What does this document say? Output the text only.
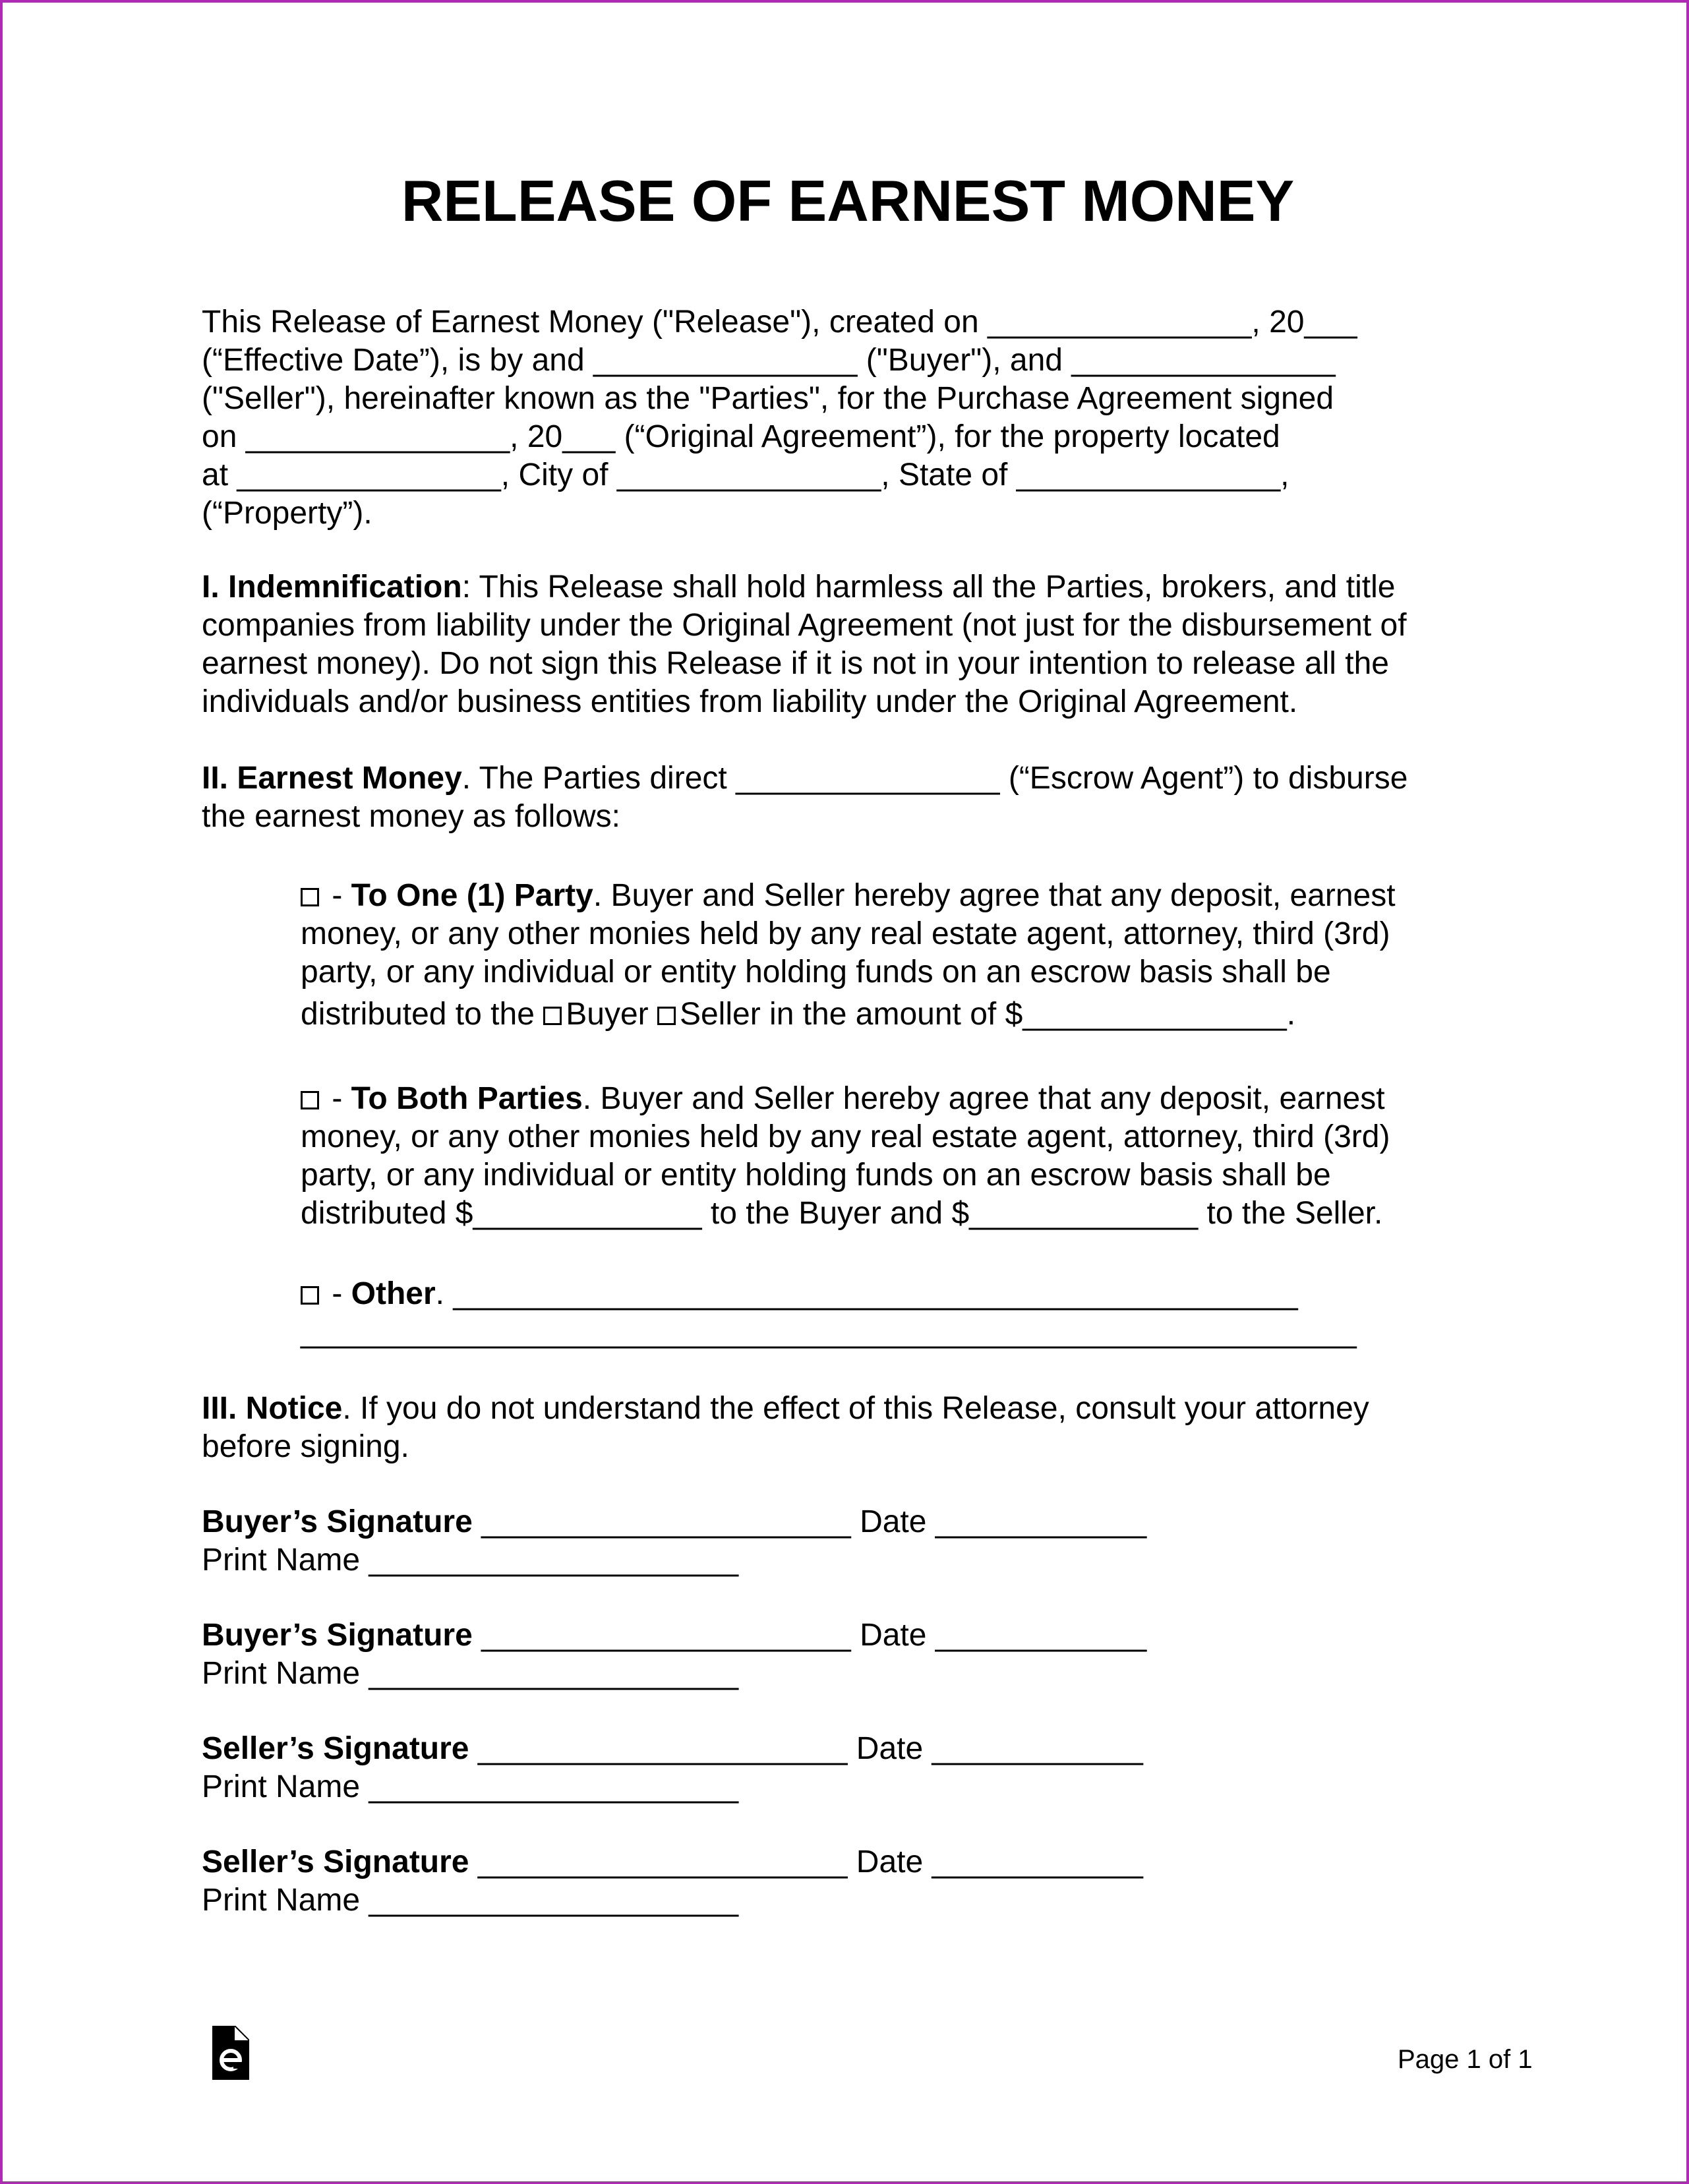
RELEASE OF EARNEST MONEY
This Release of Earnest Money ("Release"), created on _______________, 20___
(“Effective Date”), is by and _______________ ("Buyer"), and _______________
("Seller"), hereinafter known as the "Parties", for the Purchase Agreement signed
on _______________, 20___ (“Original Agreement”), for the property located
at _______________, City of _______________, State of _______________,
(“Property”).
I. Indemnification: This Release shall hold harmless all the Parties, brokers, and title
companies from liability under the Original Agreement (not just for the disbursement of
earnest money). Do not sign this Release if it is not in your intention to release all the
individuals and/or business entities from liability under the Original Agreement.
II. Earnest Money. The Parties direct _______________ (“Escrow Agent”) to disburse
the earnest money as follows:

- To One (1) Party. Buyer and Seller hereby agree that any deposit, earnest

money, or any other monies held by any real estate agent, attorney, third (3rd)

party, or any individual or entity holding funds on an escrow basis shall be

distributed to the Buyer Seller in the amount of $_______________.

- To Both Parties. Buyer and Seller hereby agree that any deposit, earnest

money, or any other monies held by any real estate agent, attorney, third (3rd)

party, or any individual or entity holding funds on an escrow basis shall be

distributed $_____________ to the Buyer and $_____________ to the Seller.

- Other. ________________________________________________

____________________________________________________________

III. Notice. If you do not understand the effect of this Release, consult your attorney
before signing.

Buyer’s Signature _____________________ Date ____________

Print Name _____________________

Buyer’s Signature _____________________ Date ____________

Print Name _____________________

Seller’s Signature _____________________ Date ____________

Print Name _____________________

Seller’s Signature _____________________ Date ____________

Print Name _____________________

Page 1 of 1
